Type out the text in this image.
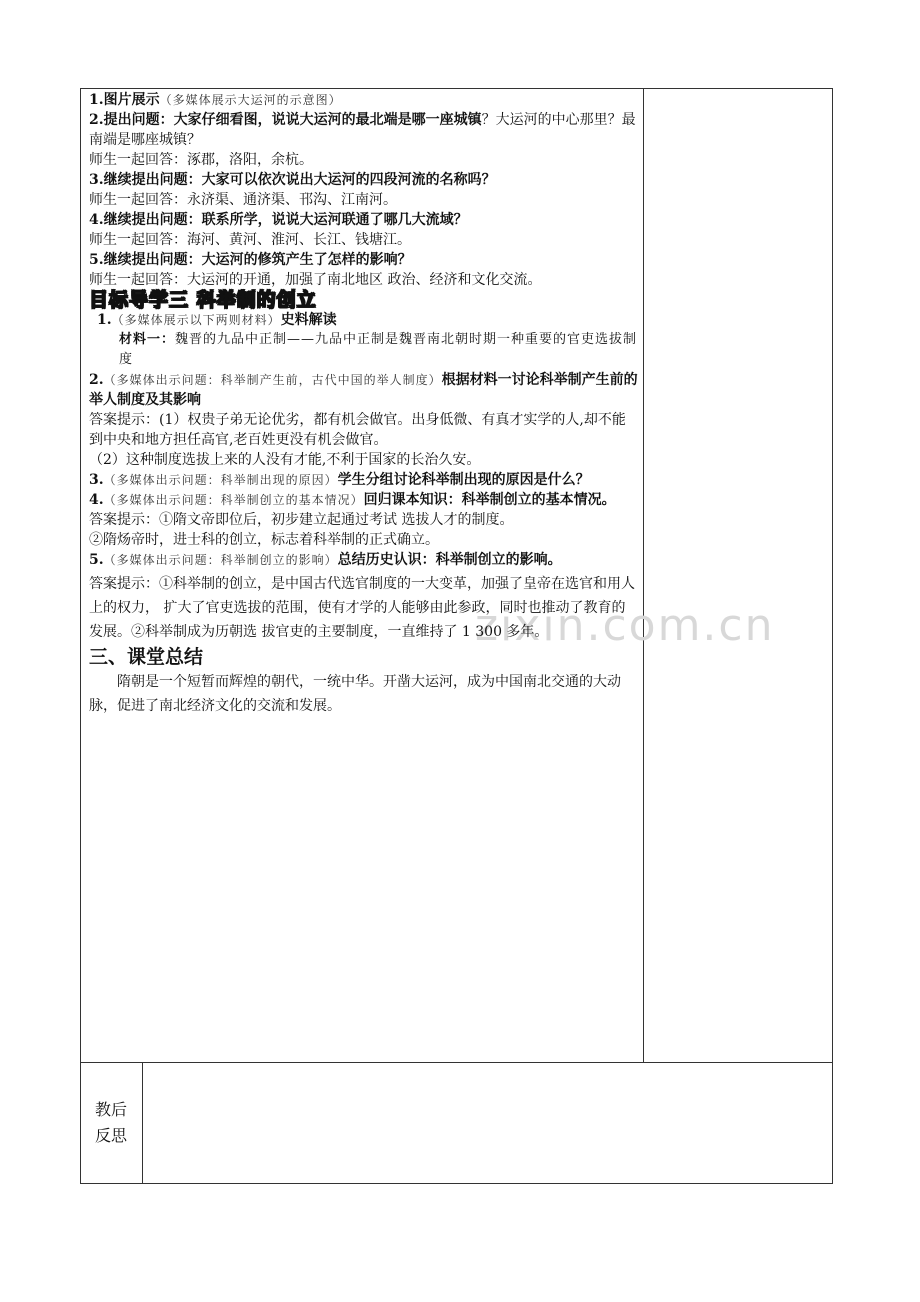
zixin.com.cn

1.图片展示（多媒体展示大运河的示意图）

2.提出问题：大家仔细看图，说说大运河的最北端是哪一座城镇？大运河的中心那里？最南端是哪座城镇？

师生一起回答：涿郡，洛阳，余杭。

3.继续提出问题：大家可以依次说出大运河的四段河流的名称吗？

师生一起回答：永济渠、通济渠、邗沟、江南河。

4.继续提出问题：联系所学，说说大运河联通了哪几大流域？

师生一起回答：海河、黄河、淮河、长江、钱塘江。

5.继续提出问题：大运河的修筑产生了怎样的影响？

师生一起回答：大运河的开通，加强了南北地区 政治、经济和文化交流。

目标导学三 科举制的创立

1.（多媒体展示以下两则材料）史料解读

材料一：魏晋的九品中正制——九品中正制是魏晋南北朝时期一种重要的官吏选拔制度

2.（多媒体出示问题：科举制产生前，古代中国的举人制度）根据材料一讨论科举制产生前的举人制度及其影响

答案提示：(1）权贵子弟无论优劣，都有机会做官。出身低微、有真才实学的人,却不能到中央和地方担任高官,老百姓更没有机会做官。

（2）这种制度选拔上来的人没有才能,不利于国家的长治久安。

3.（多媒体出示问题：科举制出现的原因）学生分组讨论科举制出现的原因是什么？

4.（多媒体出示问题：科举制创立的基本情况）回归课本知识：科举制创立的基本情况。

答案提示：①隋文帝即位后，初步建立起通过考试 选拔人才的制度。

②隋炀帝时，进士科的创立，标志着科举制的正式确立。

5.（多媒体出示问题：科举制创立的影响）总结历史认识：科举制创立的影响。

答案提示：①科举制的创立，是中国古代选官制度的一大变革，加强了皇帝在选官和用人上的权力， 扩大了官吏选拔的范围，使有才学的人能够由此参政，同时也推动了教育的发展。②科举制成为历朝选 拔官吏的主要制度，一直维持了 1 300 多年。

三、课堂总结

隋朝是一个短暂而辉煌的朝代，一统中华。开凿大运河，成为中国南北交通的大动脉，促进了南北经济文化的交流和发展。

教后
反思
